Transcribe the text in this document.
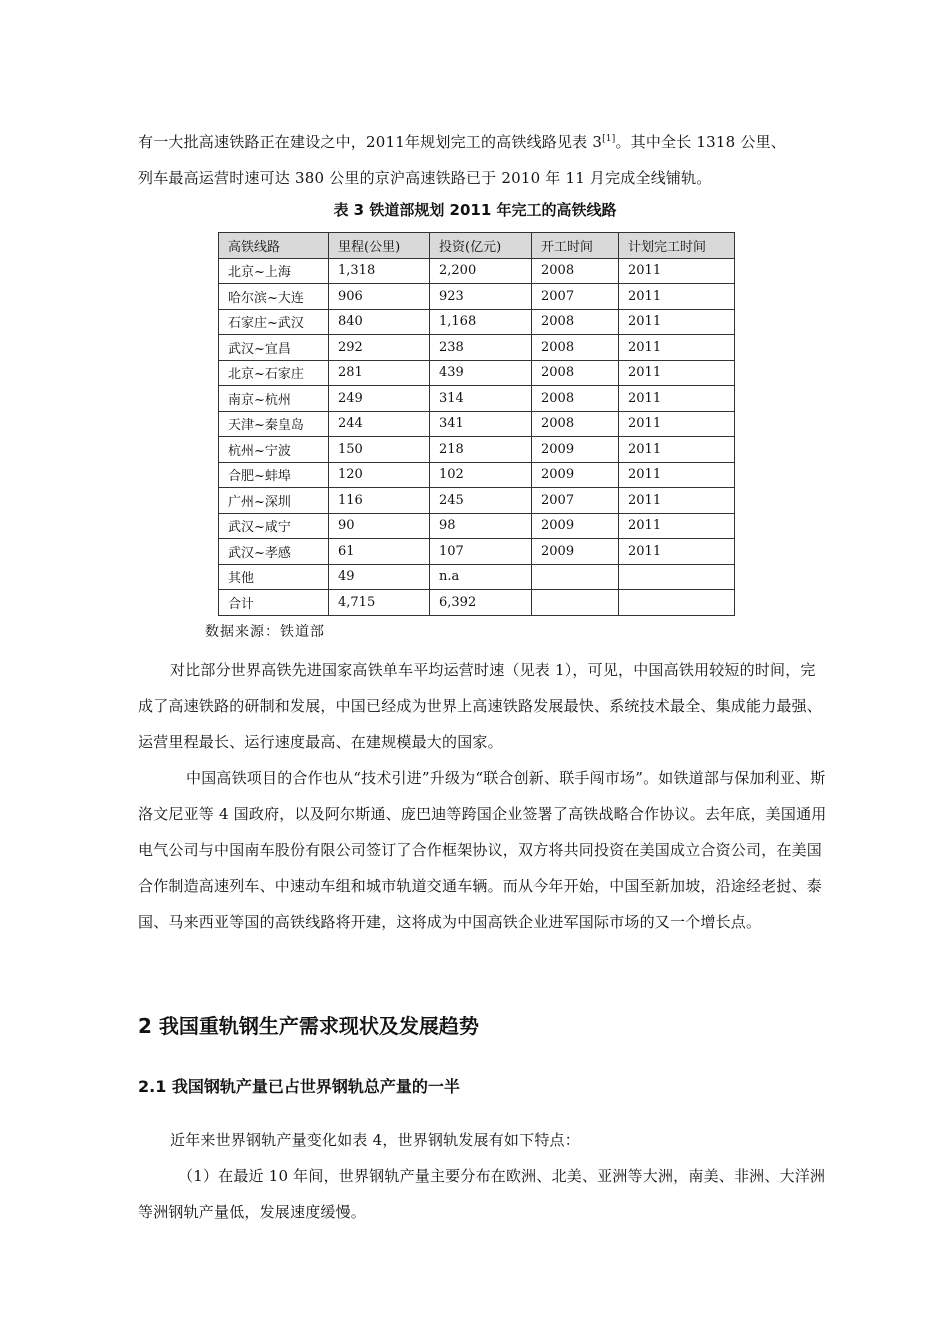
有一大批高速铁路正在建设之中，2011年规划完工的高铁线路见表 3[1]。其中全长 1318 公里、
列车最高运营时速可达 380 公里的京沪高速铁路已于 2010 年 11 月完成全线铺轨。
表 3 铁道部规划 2011 年完工的高铁线路
高铁线路	里程(公里)	投资(亿元)	开工时间	计划完工时间
北京~上海	1,318	2,200	2008	2011
哈尔滨~大连	906	923	2007	2011
石家庄~武汉	840	1,168	2008	2011
武汉~宜昌	292	238	2008	2011
北京~石家庄	281	439	2008	2011
南京~杭州	249	314	2008	2011
天津~秦皇岛	244	341	2008	2011
杭州~宁波	150	218	2009	2011
合肥~蚌埠	120	102	2009	2011
广州~深圳	116	245	2007	2011
武汉~咸宁	90	98	2009	2011
武汉~孝感	61	107	2009	2011
其他	49	n.a		
合计	4,715	6,392		
数据来源：铁道部
对比部分世界高铁先进国家高铁单车平均运营时速（见表 1），可见，中国高铁用较短的时间，完成了高速铁路的研制和发展，中国已经成为世界上高速铁路发展最快、系统技术最全、集成能力最强、运营里程最长、运行速度最高、在建规模最大的国家。
中国高铁项目的合作也从“技术引进”升级为“联合创新、联手闯市场”。如铁道部与保加利亚、斯洛文尼亚等 4 国政府，以及阿尔斯通、庞巴迪等跨国企业签署了高铁战略合作协议。去年底，美国通用电气公司与中国南车股份有限公司签订了合作框架协议，双方将共同投资在美国成立合资公司，在美国合作制造高速列车、中速动车组和城市轨道交通车辆。而从今年开始，中国至新加坡，沿途经老挝、泰国、马来西亚等国的高铁线路将开建，这将成为中国高铁企业进军国际市场的又一个增长点。
2 我国重轨钢生产需求现状及发展趋势
2.1 我国钢轨产量已占世界钢轨总产量的一半
近年来世界钢轨产量变化如表 4，世界钢轨发展有如下特点：
（1）在最近 10 年间，世界钢轨产量主要分布在欧洲、北美、亚洲等大洲，南美、非洲、大洋洲等洲钢轨产量低，发展速度缓慢。
